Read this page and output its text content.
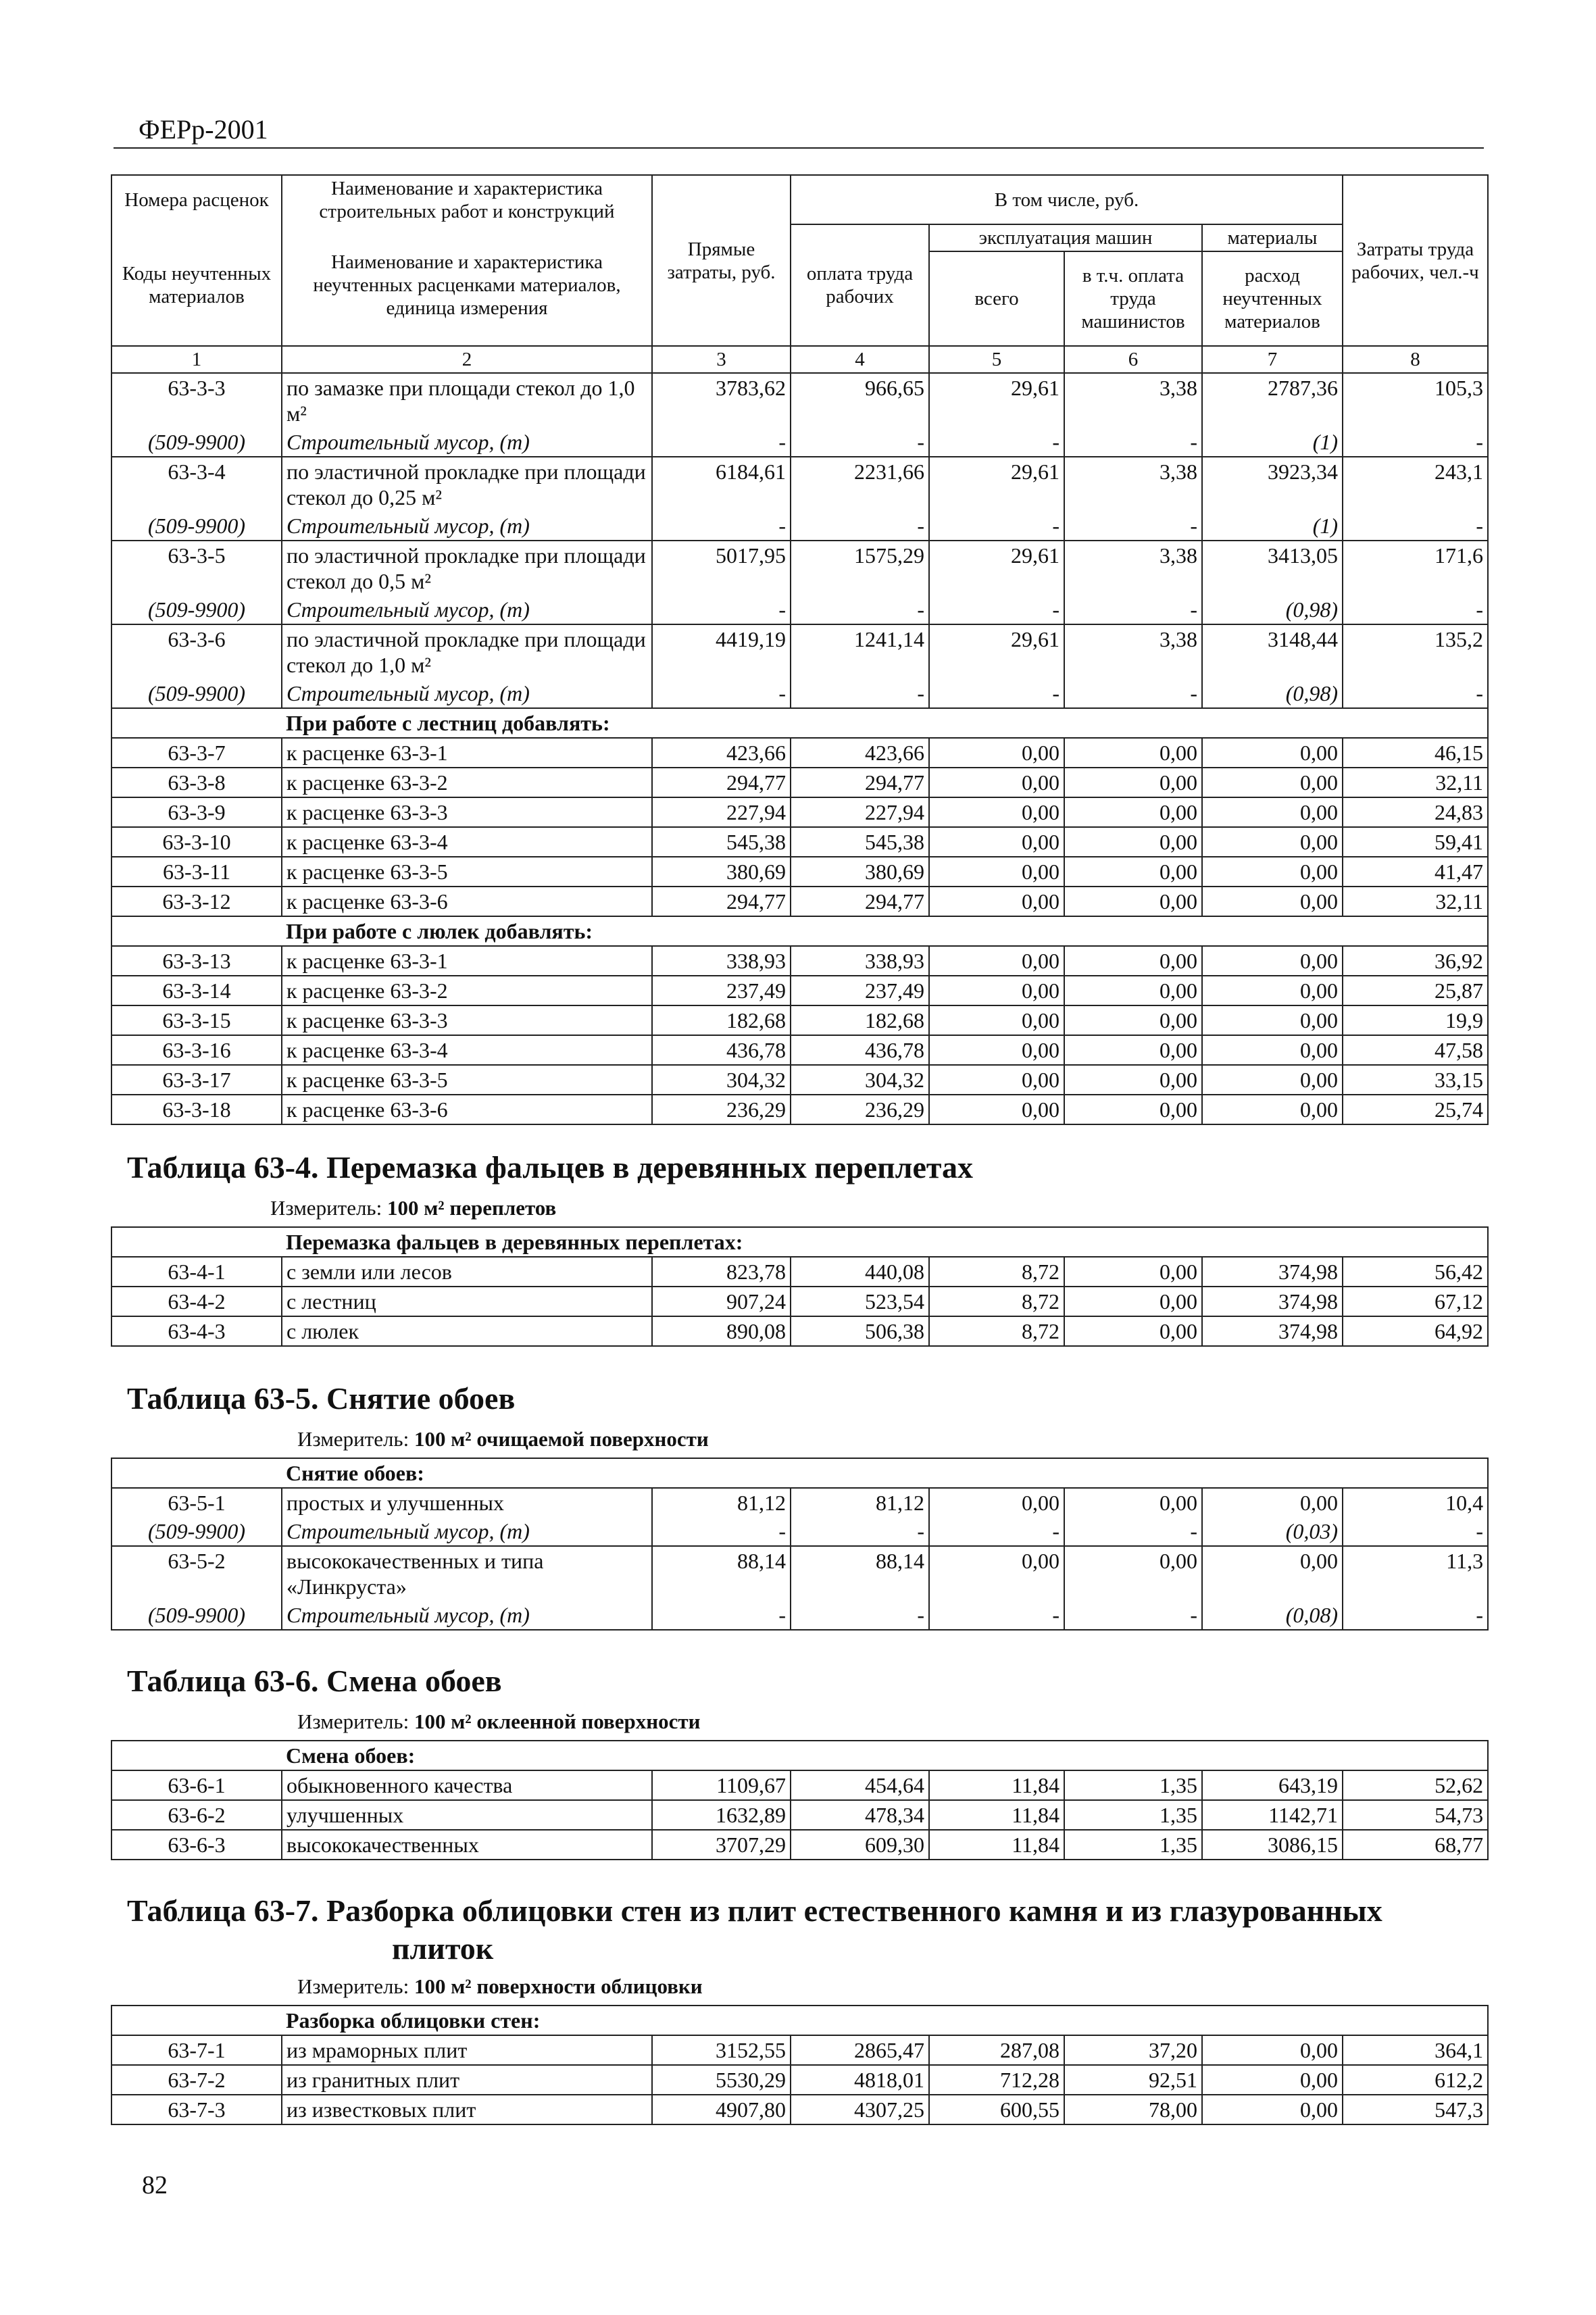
ФЕРр-2001
Номера расценок	Наименование и характеристика строительных работ и конструкций	Прямые затраты, руб.	В том числе, руб.				Затраты труда рабочих, чел.-ч
Коды неучтенных материалов	Наименование и характеристика неучтенных расценками материалов, единица измерения		оплата труда рабочих	эксплуатация машин		материалы	
				всего	в т.ч. оплата труда машинистов	расход неучтенных материалов	
1	2	3	4	5	6	7	8
63-3-3	по замазке при площади стекол до 1,0 м²	3783,62	966,65	29,61	3,38	2787,36	105,3
(509-9900)	Строительный мусор, (т)	-	-	-	-	(1)	-
63-3-4	по эластичной прокладке при площади стекол до 0,25 м²	6184,61	2231,66	29,61	3,38	3923,34	243,1
(509-9900)	Строительный мусор, (т)	-	-	-	-	(1)	-
63-3-5	по эластичной прокладке при площади стекол до 0,5 м²	5017,95	1575,29	29,61	3,38	3413,05	171,6
(509-9900)	Строительный мусор, (т)	-	-	-	-	(0,98)	-
63-3-6	по эластичной прокладке при площади стекол до 1,0 м²	4419,19	1241,14	29,61	3,38	3148,44	135,2
(509-9900)	Строительный мусор, (т)	-	-	-	-	(0,98)	-
	При работе с лестниц добавлять:						
63-3-7	к расценке 63-3-1	423,66	423,66	0,00	0,00	0,00	46,15
63-3-8	к расценке 63-3-2	294,77	294,77	0,00	0,00	0,00	32,11
63-3-9	к расценке 63-3-3	227,94	227,94	0,00	0,00	0,00	24,83
63-3-10	к расценке 63-3-4	545,38	545,38	0,00	0,00	0,00	59,41
63-3-11	к расценке 63-3-5	380,69	380,69	0,00	0,00	0,00	41,47
63-3-12	к расценке 63-3-6	294,77	294,77	0,00	0,00	0,00	32,11
	При работе с люлек добавлять:						
63-3-13	к расценке 63-3-1	338,93	338,93	0,00	0,00	0,00	36,92
63-3-14	к расценке 63-3-2	237,49	237,49	0,00	0,00	0,00	25,87
63-3-15	к расценке 63-3-3	182,68	182,68	0,00	0,00	0,00	19,9
63-3-16	к расценке 63-3-4	436,78	436,78	0,00	0,00	0,00	47,58
63-3-17	к расценке 63-3-5	304,32	304,32	0,00	0,00	0,00	33,15
63-3-18	к расценке 63-3-6	236,29	236,29	0,00	0,00	0,00	25,74
Таблица 63-4. Перемазка фальцев в деревянных переплетах
Измеритель: 100 м² переплетов
	Перемазка фальцев в деревянных переплетах:						
63-4-1	с земли или лесов	823,78	440,08	8,72	0,00	374,98	56,42
63-4-2	с лестниц	907,24	523,54	8,72	0,00	374,98	67,12
63-4-3	с люлек	890,08	506,38	8,72	0,00	374,98	64,92
Таблица 63-5. Снятие обоев
Измеритель: 100 м² очищаемой поверхности
	Снятие обоев:						
63-5-1	простых и улучшенных	81,12	81,12	0,00	0,00	0,00	10,4
(509-9900)	Строительный мусор, (т)	-	-	-	-	(0,03)	-
63-5-2	высококачественных и типа «Линкруста»	88,14	88,14	0,00	0,00	0,00	11,3
(509-9900)	Строительный мусор, (т)	-	-	-	-	(0,08)	-
Таблица 63-6. Смена обоев
Измеритель: 100 м² оклеенной поверхности
	Смена обоев:						
63-6-1	обыкновенного качества	1109,67	454,64	11,84	1,35	643,19	52,62
63-6-2	улучшенных	1632,89	478,34	11,84	1,35	1142,71	54,73
63-6-3	высококачественных	3707,29	609,30	11,84	1,35	3086,15	68,77
Таблица 63-7. Разборка облицовки стен из плит естественного камня и из глазурованных
плиток
Измеритель: 100 м² поверхности облицовки
	Разборка облицовки стен:						
63-7-1	из мраморных плит	3152,55	2865,47	287,08	37,20	0,00	364,1
63-7-2	из гранитных плит	5530,29	4818,01	712,28	92,51	0,00	612,2
63-7-3	из известковых плит	4907,80	4307,25	600,55	78,00	0,00	547,3
82
